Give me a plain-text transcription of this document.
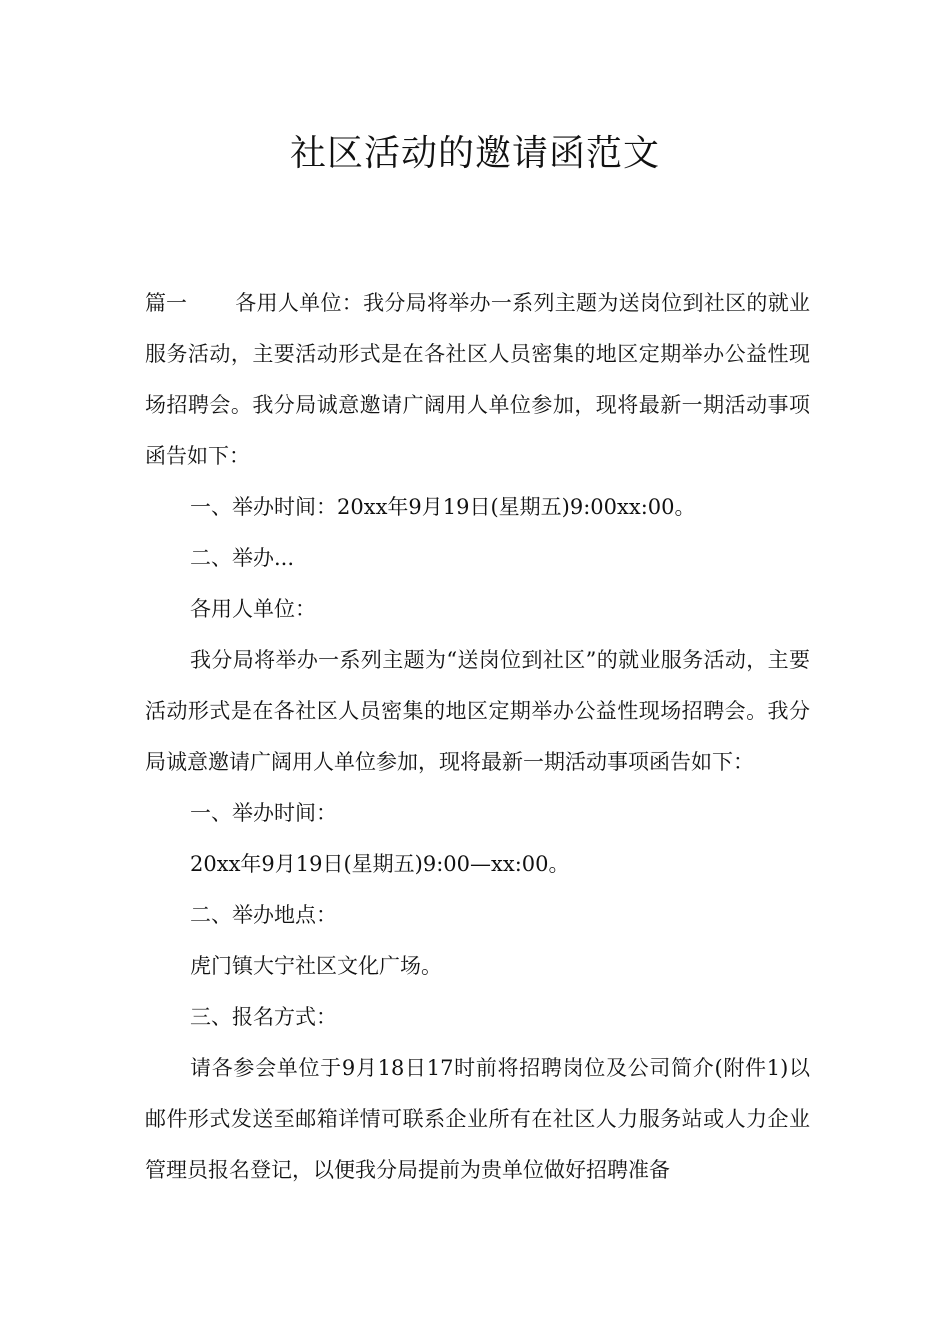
社区活动的邀请函范文

篇一 各用人单位：我分局将举办一系列主题为送岗位到社区的就业服务活动，主要活动形式是在各社区人员密集的地区定期举办公益性现场招聘会。我分局诚意邀请广阔用人单位参加，现将最新一期活动事项函告如下：

一、举办时间：20xx年9月19日(星期五)9:00xx:00。

二、举办...

各用人单位：

我分局将举办一系列主题为“送岗位到社区”的就业服务活动，主要活动形式是在各社区人员密集的地区定期举办公益性现场招聘会。我分局诚意邀请广阔用人单位参加，现将最新一期活动事项函告如下：

一、举办时间：

20xx年9月19日(星期五)9:00—xx:00。

二、举办地点：

虎门镇大宁社区文化广场。

三、报名方式：

请各参会单位于9月18日17时前将招聘岗位及公司简介(附件1)以邮件形式发送至邮箱详情可联系企业所有在社区人力服务站或人力企业管理员报名登记，以便我分局提前为贵单位做好招聘准备
